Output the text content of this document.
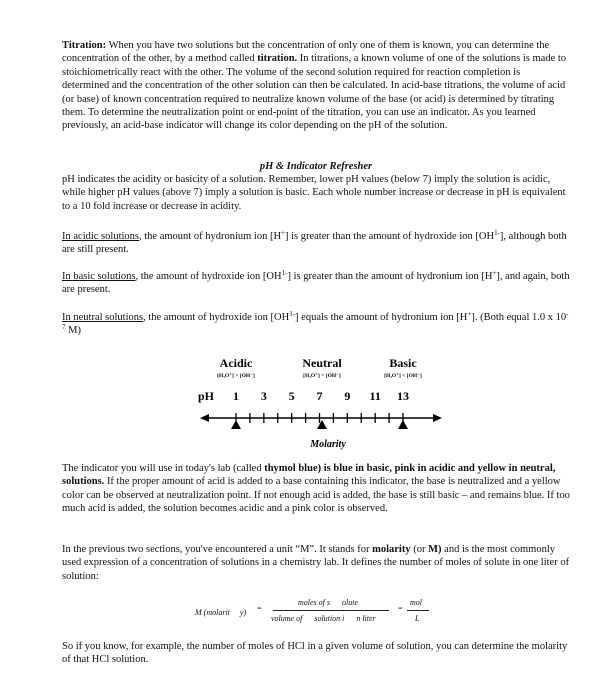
Titration: When you have two solutions but the concentration of only one of them is known, you can determine the concentration of the other, by a method called titration. In titrations, a known volume of one of the solutions is made to stoichiometrically react with the other. The volume of the second solution required for reaction completion is determined and the concentration of the other solution can then be calculated. In acid-base titrations, the volume of acid (or base) of known concentration required to neutralize known volume of the base (or acid) is determined by titrating them. To determine the neutralization point or end-point of the titration, you can use an indicator. As you learned previously, an acid-base indicator will change its color depending on the pH of the solution.
pH & Indicator Refresher
pH indicates the acidity or basicity of a solution. Remember, lower pH values (below 7) imply the solution is acidic, while higher pH values (above 7) imply a solution is basic. Each whole number increase or decrease in pH is equivalent to a 10 fold increase or decrease in acidity.
In acidic solutions, the amount of hydronium ion [H+] is greater than the amount of hydroxide ion $[OH^{1-}]$, although both are still present.
In basic solutions, the amount of hydroxide ion $[OH^{1-}]$ is greater than the amount of hydronium ion [H+], and again, both are present.
In neutral solutions, the amount of hydroxide ion $[OH^{1-}]$ equals the amount of hydronium ion [H+]. (Both equal 1.0 x $10^{-7}$ M)
Acidic
[H₃O⁺] > [OH⁻]
Neutral
[H₃O⁺] = [OH⁻]
Basic
[H₃O⁺] < [OH⁻]
pH 1 3 5 7 9 11 13
Molarity
The indicator you will use in today's lab (called thymol blue) is blue in basic, pink in acidic and yellow in neutral, solutions. If the proper amount of acid is added to a base containing this indicator, the base is neutralized and a yellow color can be observed at neutralization point. If not enough acid is added, the base is still basic – and remains blue. If too much acid is added, the solution becomes acidic and a pink color is observed.
In the previous two sections, you've encountered a unit “M”. It stands for molarity (or M) and is the most commonly used expression of a concentration of solutions in a chemistry lab. It defines the number of moles of solute in one liter of solution:
M (molarit     y) =
moles of s      olute
volume of      solution i      n liter
=
mol
L
So if you know, for example, the number of moles of HCl in a given volume of solution, you can determine the molarity of that HCl solution.
